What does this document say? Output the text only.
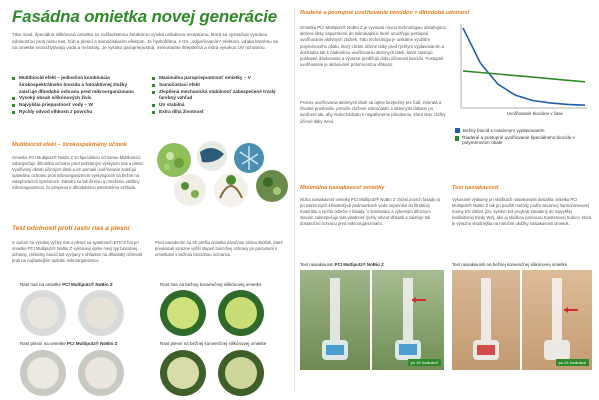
Fasádna omietka novej generácie
Táto nová, špeciálna silikónová omietka so zušľachtenou štruktúrou vyniká unikátnou receptúrou, ktorá sa vyznačuje vysokou odolnosťou proti rastu rias, húb a plesní a samočistiacim efektom. Je hydrofóbna, s tzv. „odperľovacím“ efektom, vďaka ktorému sa na omietke nezachytávajú voda a nečistoty. Je vysoko paropriepustná, mimoriadne štiepiteľná a extra vysokou UV ochranou.
Multibiocíd efekt – jedinečná kombinácia
širokospektrálneho biocídu a fotoaktívnej zložky zaisťuje dlhodobú ochranu pred mikroorganizmami
Vysoký obsah silikónových živíc
Najvyššia priepustnosť vody – W
Rýchly odvod vlhkosti z povrchu
Maximálna paropriepustnosť omietky – V
Samočistiaci efekt
Zlepšená mechanická stabilnosť zabezpečené trvalý farebný vzhľad
UV stabilná
Extra dlhá životnosť
Multibiocíd efekt – širokospektrálny účinok
Omietka PCI Multiputz® NoBio Z so špeciálnou ochranou Multibiocíd, zabezpečuje dlhodobú ochranu pred neželaným výskytom rias a plesní. Využívaný obsah účinných látok a ich pomalé uvoľňovanie zaisťujú optimálnu ochranu proti mikroorganizmom vyskytujúcim sa bežne na zatepľovacích systémoch. Zabráni sa tak šíreniu a množeniu väčšiny mikroorganizmov, čo prispieva k dlhodobému estetickému vzhľadu.
Test odolnosti proti rastu rias a plesní
S cieľom na vysokej výživy rias a plesní na systémoch ETICS bol pri omietke PCI Multiputz® NoBio Z vykonaný úplne nový typ biocídnej ochrany. Unikátny biocíd bol vyvíjaný s ohľadom na dlhodobý účinnosť proti na najčastejším spórám mikroorganizmov.
Pred zavedením na trh prešla omietka náročnou sériou skúšok, ktoré preukázali výrazne vyšší stupeň biocídnej ochrany pri porovnaní s omietkami s bežnou biocídnou ochranou.
Rast rias na omietke PCI Multiputz® NoBio Z	Rast rias na bežnej konvenčnej silikónovej omietke
Rast plesní na omietke PCI Multiputz® NoBio Z	Rast plesní na bežnej konvenčnej silikónovej omietke
Riadené a postupné uvoľňovanie biocídov = dlhodobá odolnosť
Omietka PCI Multiputz® NoBio Z je vyvinutá novou technológiou obsahujúca aktívne látky zapuzdrené do mikrokapsúl, ktoré umožňujú postupné uvoľňovanie aktívnych zložiek. Táto technológia je unikátne využitím polymérového obalu, ktorý chráni účinné látky pred rýchlym vyplavovaním a dochádza tak k riadenému uvoľňovaniu aktívnych látok, ktoré zaisťujú postupné dávkovanie a výrazne predlžujú dobu účinnosti biocídu. Postupné uvoľňovanie je aktivované prítomnosťou vlhkosti.
Proces uvoľňovania aktívnych látok sa úplne bezpečný pre ľudí, zvieratá a životné prostredie, pretože zložené mikročastíc s aktívnymi látkami po uvoľnení tak, aby nedochádzalo k negatívnemu pôsobeniu, ktoré tieto zložky účinné látky nesú.
Uvoľňovanie biocídov v čase
Bežný biocíd s masívnym vyplavovaním
Riadené a postupné uvoľňovanie špeciálneho biocídu v polymérovom obale
Minimálna nasiakavosť omietky
Nízka nasiakavosť omietky PCI Multiputz® NoBio Z chráni povrch fasády aj pri extrémnych klimatických podmienkach voda nepreniká do štruktúry materiálu a rýchlo odtečie z fasády. V kombinácii s výborným difúznym stavom zabezpečuje táto vlastnosť rýchly odvod vlhkosti a zaisťuje tak dostatočnú ochranu pred mikroorganizmami.
Test nasiakavosti
Vykonané výskumy pri skúškach nasiakavosti dosiahla omietka PCI Multiputz® NoBio Z tak pri použití metódy podľa záväznej harmonizovanej normy EN 15824 (tzv. systém bol prvykrát zaradený do najvyššej kvalitatívnej triedy W3), ako aj skúškou pomocou Karstenovej trubice, ktorá je výrazne vhodnejšia na náročné ukážky nasiakavosti omietok.
Test nasiakavosti PCI Multiputz® NoBio Z	Test nasiakavosti na bežnej konvenčnej silikónovej omietke
po 24 hodinách	po 24 hodinách
